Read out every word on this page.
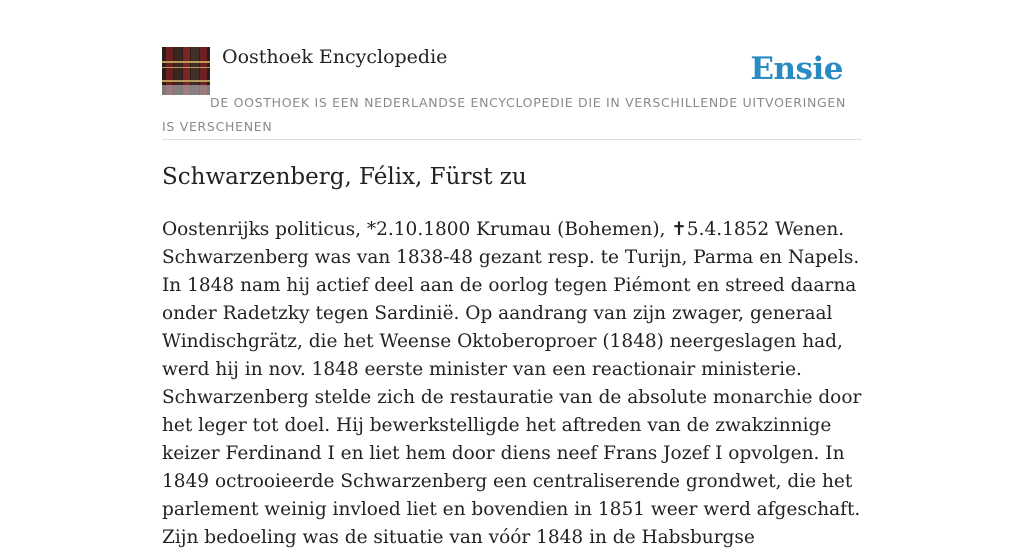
Oosthoek Encyclopedie	Ensie
DE OOSTHOEK IS EEN NEDERLANDSE ENCYCLOPEDIE DIE IN VERSCHILLENDE UITVOERINGEN IS VERSCHENEN
Schwarzenberg, Félix, Fürst zu

Oostenrijks politicus, *2.10.1800 Krumau (Bohemen), ✝5.4.1852 Wenen. Schwarzenberg was van 1838-48 gezant resp. te Turijn, Parma en Napels. In 1848 nam hij actief deel aan de oorlog tegen Piémont en streed daarna onder Radetzky tegen Sardinië. Op aandrang van zijn zwager, generaal Windischgrätz, die het Weense Oktoberoproer (1848) neergeslagen had, werd hij in nov. 1848 eerste minister van een reactionair ministerie. Schwarzenberg stelde zich de restauratie van de absolute monarchie door het leger tot doel. Hij bewerkstelligde het aftreden van de zwakzinnige keizer Ferdinand I en liet hem door diens neef Frans Jozef I opvolgen. In 1849 octrooieerde Schwarzenberg een centraliserende grondwet, die het parlement weinig invloed liet en bovendien in 1851 weer werd afgeschaft. Zijn bedoeling was de situatie van vóór 1848 in de Habsburgse
